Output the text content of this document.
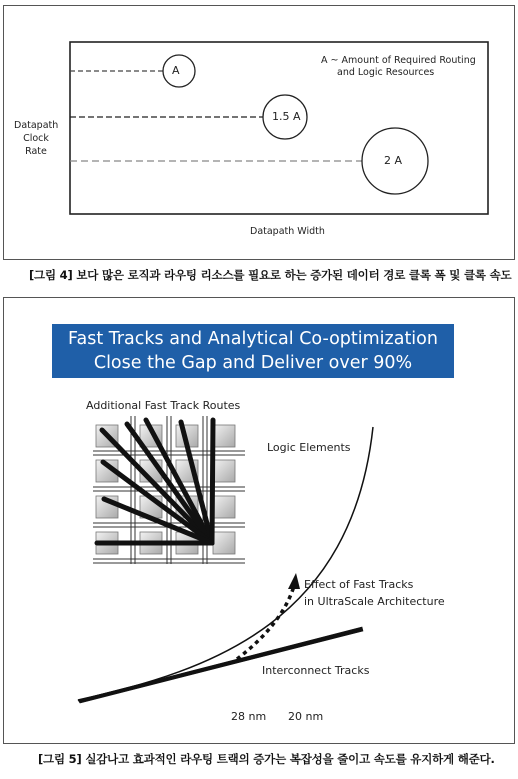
A
1.5 A
2 A
Datapath
Clock
Rate
Datapath Width
A ~ Amount of Required Routing
and Logic Resources
[그림 4] 보다 많은 로직과 라우팅 리소스를 필요로 하는 증가된 데이터 경로 클록 폭 및 클록 속도
Fast Tracks and Analytical Co-optimization
Close the Gap and Deliver over 90% Utilization
Additional Fast Track Routes
Logic Elements
Effect of Fast Tracks
in UltraScale Architecture
Interconnect Tracks
28 nm 20 nm
[그림 5] 실감나고 효과적인 라우팅 트랙의 증가는 복잡성을 줄이고 속도를 유지하게 해준다.
